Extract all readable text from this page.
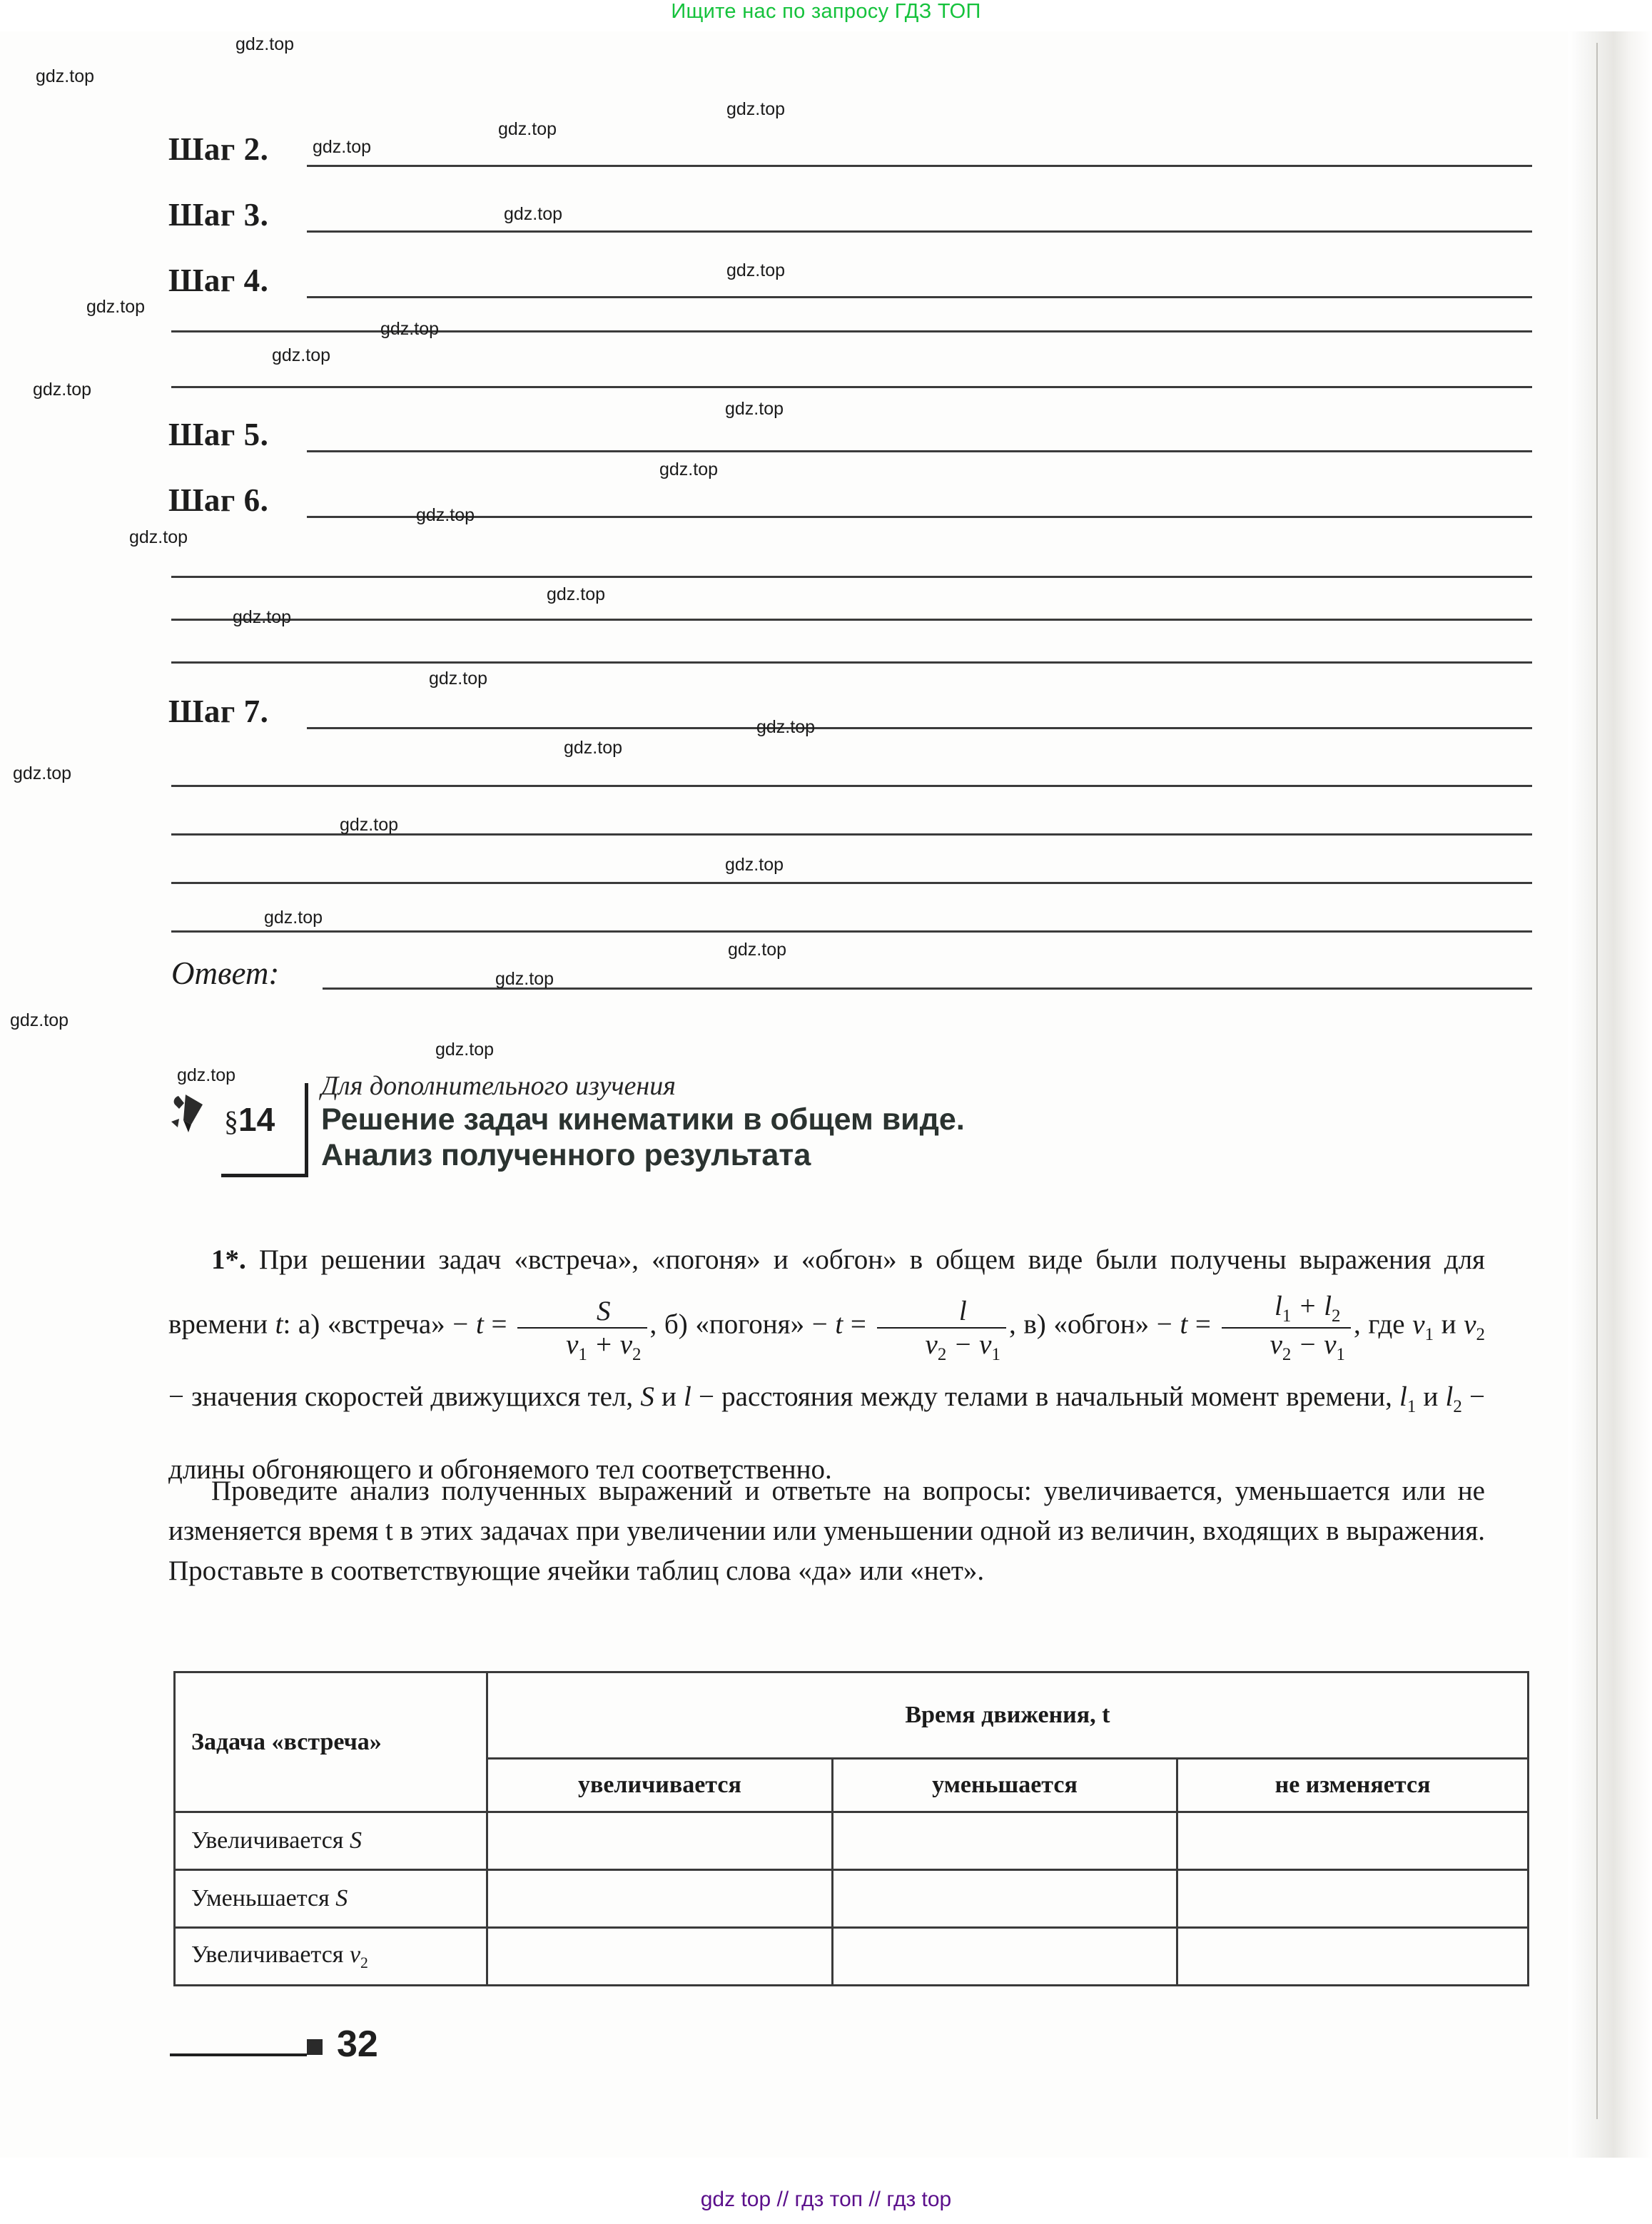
Ищите нас по запросу ГДЗ ТОП

Шаг 2.
Шаг 3.
Шаг 4.
Шаг 5.
Шаг 6.
Шаг 7.
Ответ:
§14
Для дополнительного изучения
Решение задач кинематики в общем виде.
Анализ полученного результата
1*. При решении задач «встреча», «погоня» и «обгон» в общем виде были получены выражения для времени t: а) «встреча» − $t = \frac{S}{v_1 + v_2}$ , б) «погоня» − $t = \frac{l}{v_2 - v_1}$ , в) «обгон» − $t = \frac{l_1 + l_2}{v_2 - v_1}$ , где $v_1$ и $v_2$ − значения скоростей движущихся тел, S и l − расстояния между телами в начальный момент времени, $l_1$ и $l_2$ − длины обгоняющего и обгоняемого тел соответственно.
Проведите анализ полученных выражений и ответьте на вопросы: увеличивается, уменьшается или не изменяется время t в этих задачах при увеличении или уменьшении одной из величин, входящих в выражения. Проставьте в соответствующие ячейки таблиц слова «да» или «нет».
Задача «встреча»	Время движения, t		
	увеличивается	уменьшается	не изменяется
Увеличивается S			
Уменьшается S			
Увеличивается $v_2$			
32
gdz top // гдз топ // гдз top
gdz.top
gdz.top
gdz.top
gdz.top
gdz.top
gdz.top
gdz.top
gdz.top
gdz.top
gdz.top
gdz.top
gdz.top
gdz.top
gdz.top
gdz.top
gdz.top
gdz.top
gdz.top
gdz.top
gdz.top
gdz.top
gdz.top
gdz.top
gdz.top
gdz.top
gdz.top
gdz.top
gdz.top
gdz.top
